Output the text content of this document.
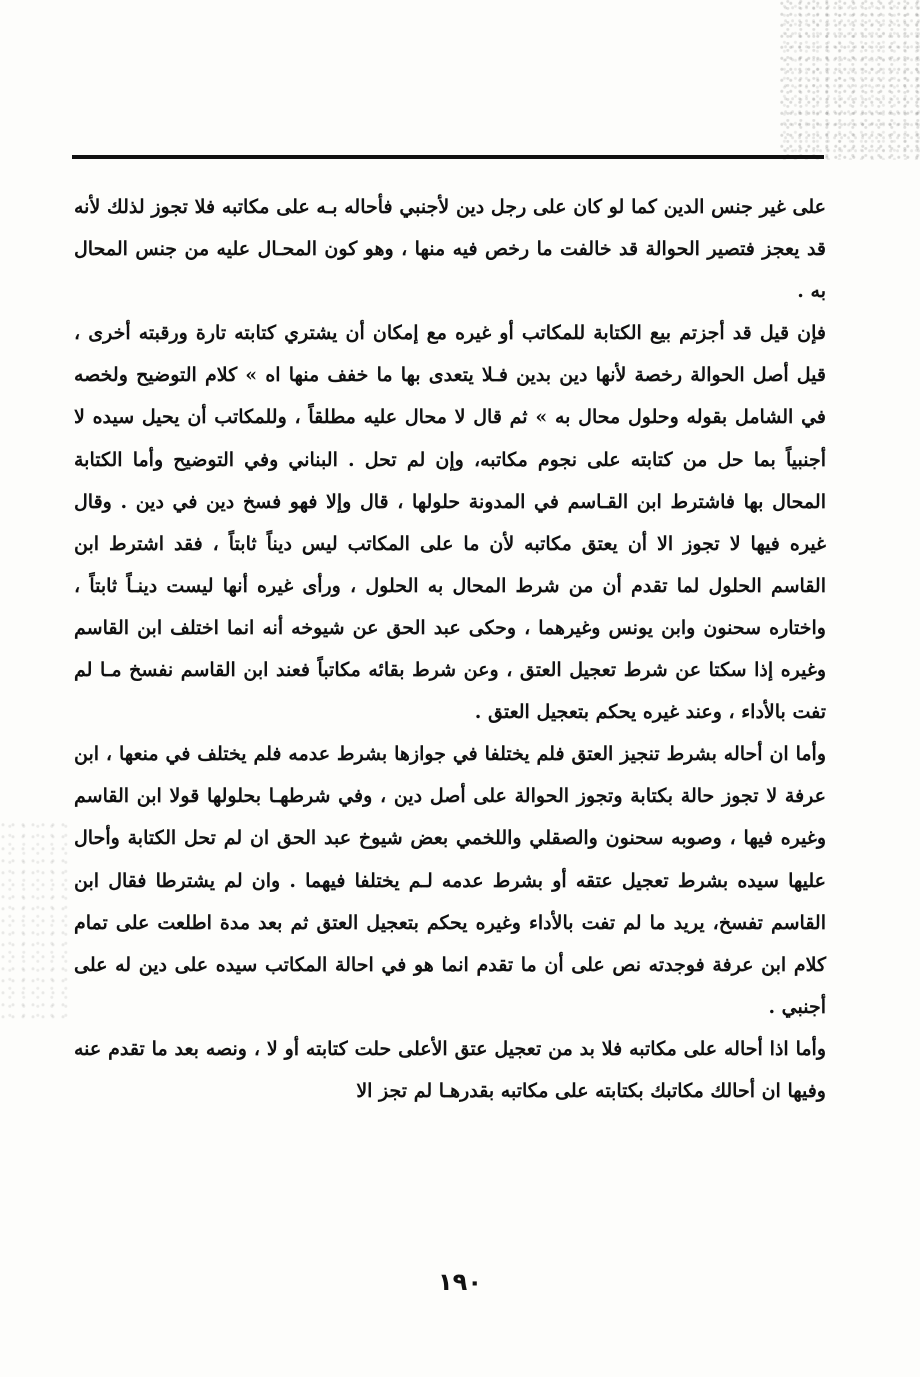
على غير جنس الدين كما لو كان على رجل دين لأجنبي فأحاله بـه على مكاتبه فلا تجوز لذلك لأنه قد يعجز فتصير الحوالة قد خالفت ما رخص فيه منها ، وهو كون المحـال عليه من جنس المحال به .

فإن قيل قد أجزتم بيع الكتابة للمكاتب أو غيره مع إمكان أن يشتري كتابته تارة ورقبته أخرى ، قيل أصل الحوالة رخصة لأنها دين بدين فـلا يتعدى بها ما خفف منها اه » كلام التوضيح ولخصه في الشامل بقوله وحلول محال به » ثم قال لا محال عليه مطلقاً ، وللمكاتب أن يحيل سيده لا أجنبياً بما حل من كتابته على نجوم مكاتبه، وإن لم تحل . البناني وفي التوضيح وأما الكتابة المحال بها فاشترط ابن القـاسم في المدونة حلولها ، قال وإلا فهو فسخ دين في دين . وقال غيره فيها لا تجوز الا أن يعتق مكاتبه لأن ما على المكاتب ليس ديناً ثابتاً ، فقد اشترط ابن القاسم الحلول لما تقدم أن من شرط المحال به الحلول ، ورأى غيره أنها ليست دينـاً ثابتاً ، واختاره سحنون وابن يونس وغيرهما ، وحكى عبد الحق عن شيوخه أنه انما اختلف ابن القاسم وغيره إذا سكتا عن شرط تعجيل العتق ، وعن شرط بقائه مكاتباً فعند ابن القاسم نفسخ مـا لم تفت بالأداء ، وعند غيره يحكم بتعجيل العتق .

وأما ان أحاله بشرط تنجيز العتق فلم يختلفا في جوازها بشرط عدمه فلم يختلف في منعها ، ابن عرفة لا تجوز حالة بكتابة وتجوز الحوالة على أصل دين ، وفي شرطهـا بحلولها قولا ابن القاسم وغيره فيها ، وصوبه سحنون والصقلي واللخمي بعض شيوخ عبد الحق ان لم تحل الكتابة وأحال عليها سيده بشرط تعجيل عتقه أو بشرط عدمه لـم يختلفا فيهما . وان لم يشترطا فقال ابن القاسم تفسخ، يريد ما لم تفت بالأداء وغيره يحكم بتعجيل العتق ثم بعد مدة اطلعت على تمام كلام ابن عرفة فوجدته نص على أن ما تقدم انما هو في احالة المكاتب سيده على دين له على أجنبي .

وأما اذا أحاله على مكاتبه فلا بد من تعجيل عتق الأعلى حلت كتابته أو لا ، ونصه بعد ما تقدم عنه وفيها ان أحالك مكاتبك بكتابته على مكاتبه بقدرهـا لم تجز الا

١٩٠
